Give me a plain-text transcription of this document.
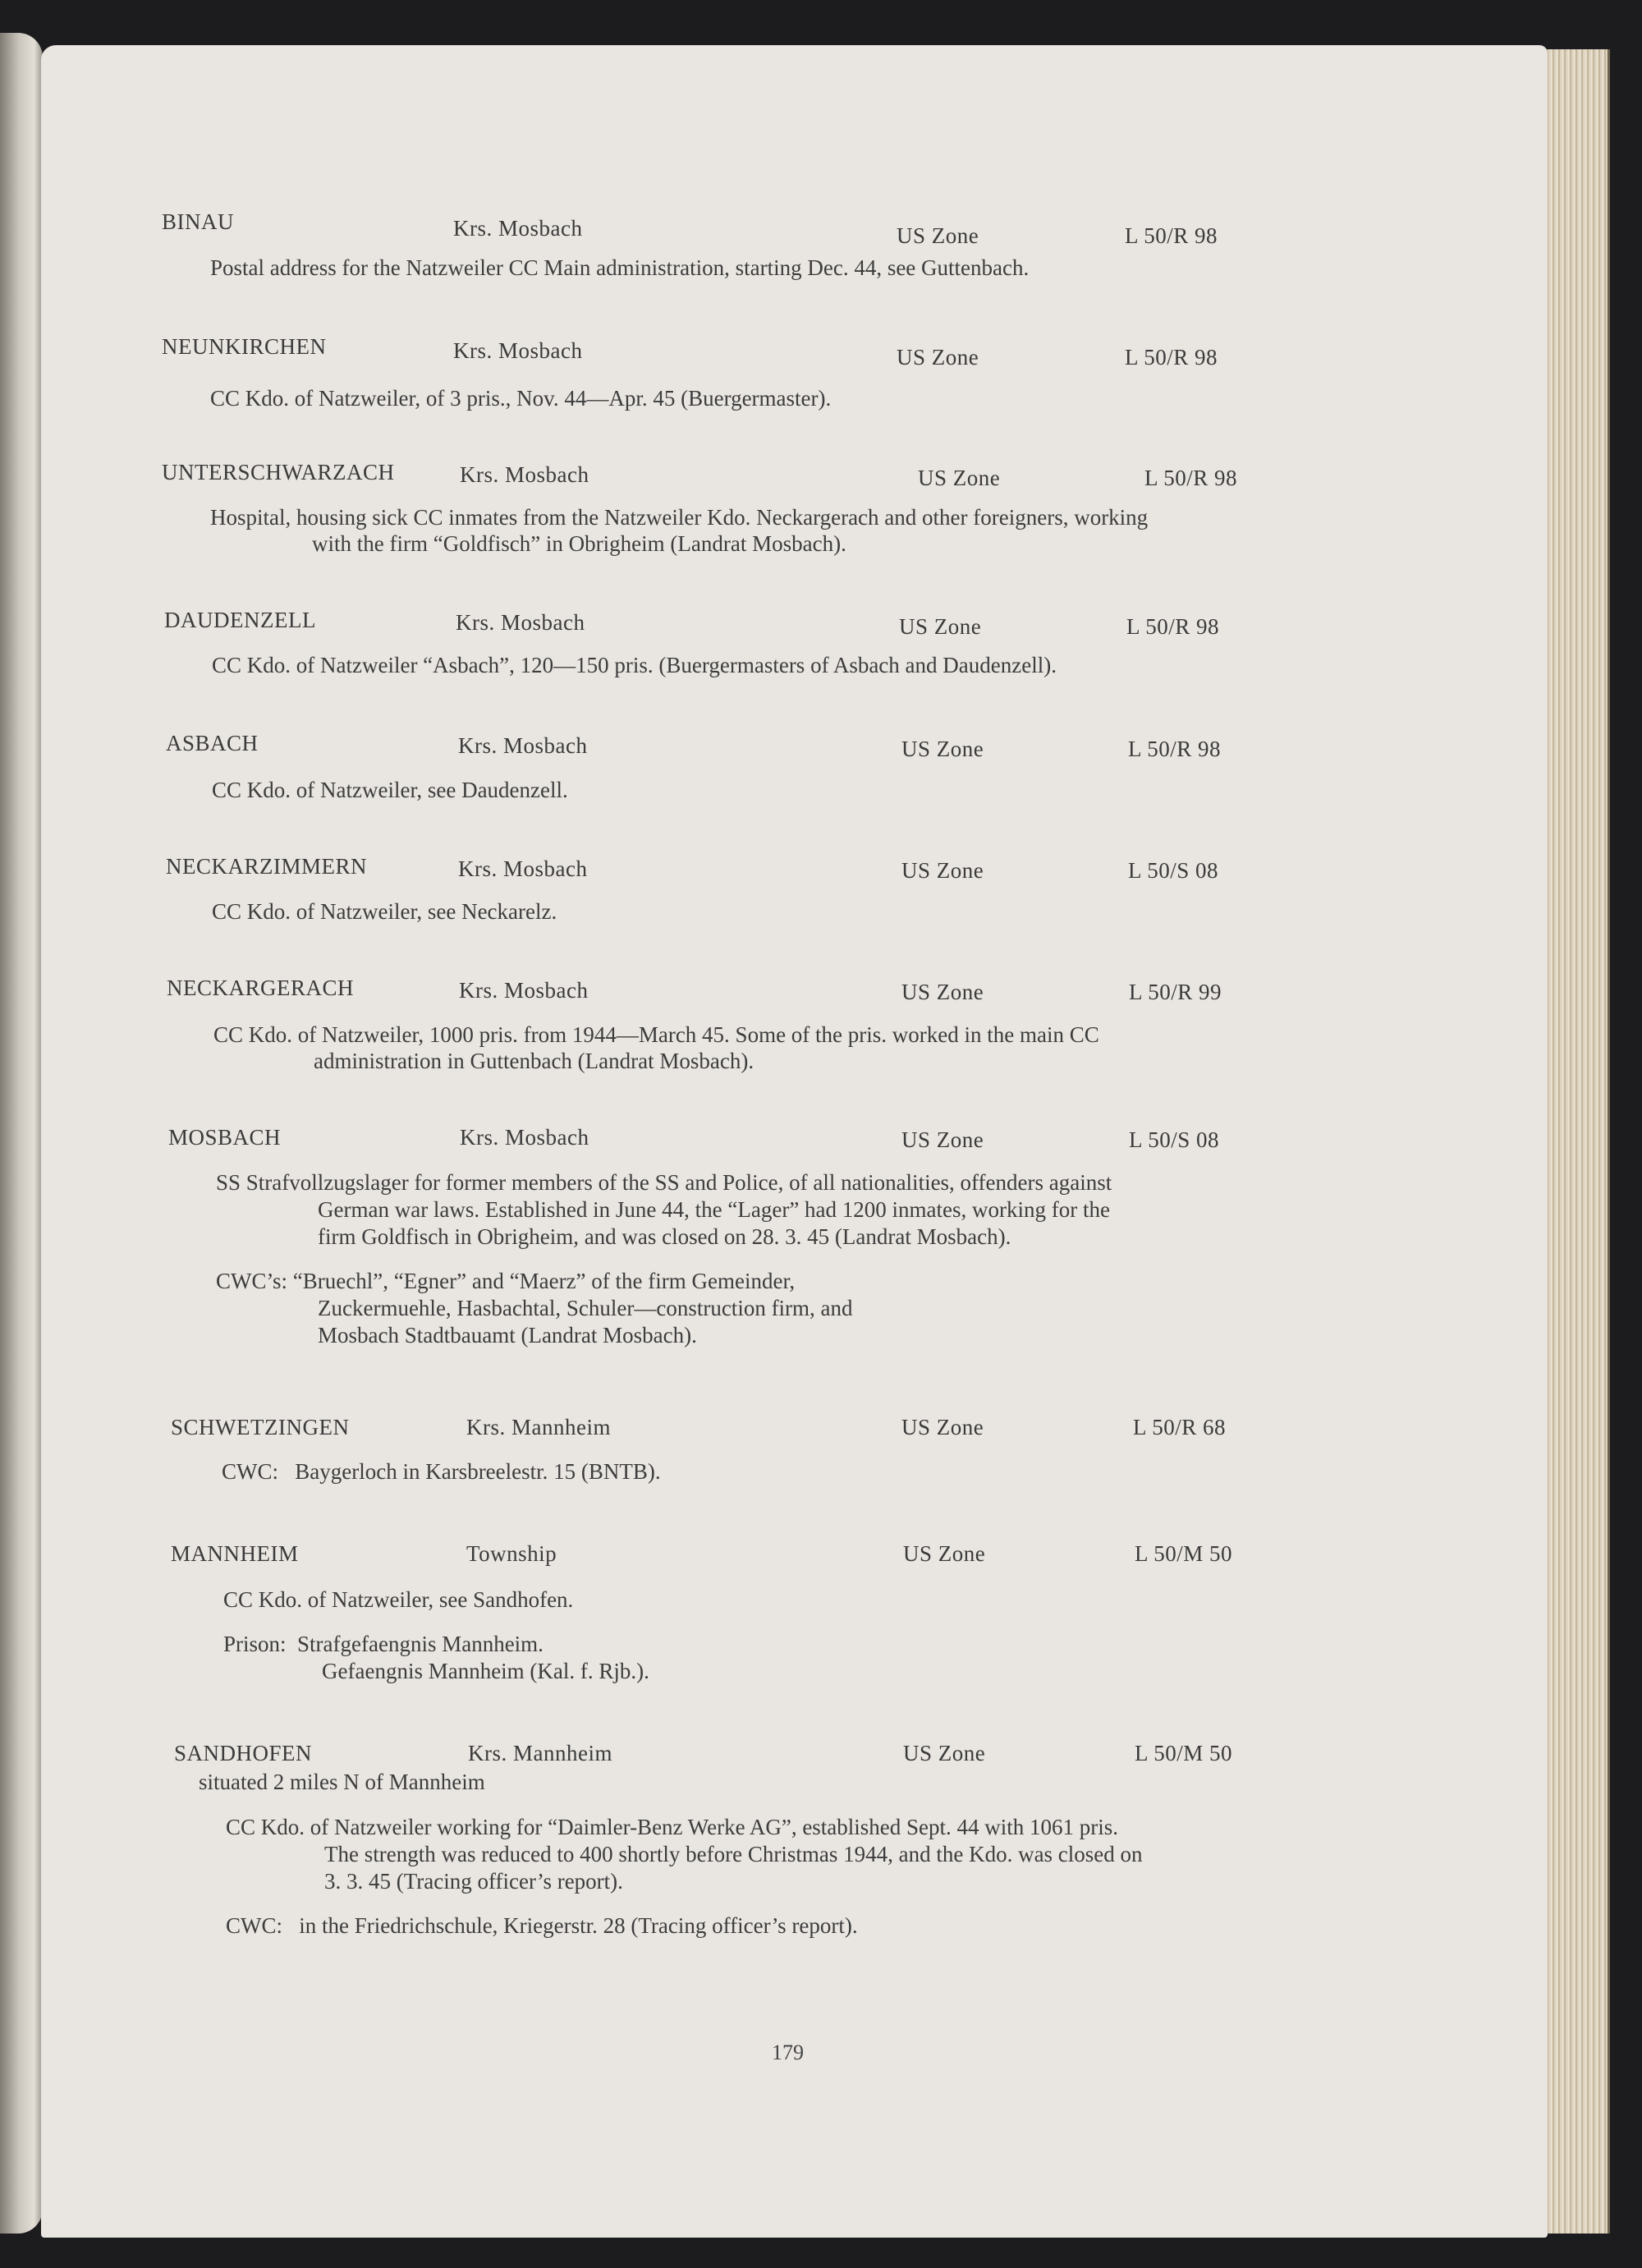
BINAU	Krs. Mosbach	US Zone	L 50/R 98
Postal address for the Natzweiler CC Main administration, starting Dec. 44, see Guttenbach.
NEUNKIRCHEN	Krs. Mosbach	US Zone	L 50/R 98
CC Kdo. of Natzweiler, of 3 pris., Nov. 44—Apr. 45 (Buergermaster).
UNTERSCHWARZACH	Krs. Mosbach	US Zone	L 50/R 98
Hospital, housing sick CC inmates from the Natzweiler Kdo. Neckargerach and other foreigners, working
with the firm “Goldfisch” in Obrigheim (Landrat Mosbach).
DAUDENZELL	Krs. Mosbach	US Zone	L 50/R 98
CC Kdo. of Natzweiler “Asbach”, 120—150 pris. (Buergermasters of Asbach and Daudenzell).
ASBACH	Krs. Mosbach	US Zone	L 50/R 98
CC Kdo. of Natzweiler, see Daudenzell.
NECKARZIMMERN	Krs. Mosbach	US Zone	L 50/S 08
CC Kdo. of Natzweiler, see Neckarelz.
NECKARGERACH	Krs. Mosbach	US Zone	L 50/R 99
CC Kdo. of Natzweiler, 1000 pris. from 1944—March 45. Some of the pris. worked in the main CC
administration in Guttenbach (Landrat Mosbach).
MOSBACH	Krs. Mosbach	US Zone	L 50/S 08
SS Strafvollzugslager for former members of the SS and Police, of all nationalities, offenders against
German war laws. Established in June 44, the “Lager” had 1200 inmates, working for the
firm Goldfisch in Obrigheim, and was closed on 28. 3. 45 (Landrat Mosbach).
CWC’s: “Bruechl”, “Egner” and “Maerz” of the firm Gemeinder,
Zuckermuehle, Hasbachtal, Schuler—construction firm, and
Mosbach Stadtbauamt (Landrat Mosbach).
SCHWETZINGEN	Krs. Mannheim	US Zone	L 50/R 68
CWC:   Baygerloch in Karsbreelestr. 15 (BNTB).
MANNHEIM	Township	US Zone	L 50/M 50
CC Kdo. of Natzweiler, see Sandhofen.
Prison:  Strafgefaengnis Mannheim.
Gefaengnis Mannheim (Kal. f. Rjb.).
SANDHOFEN	Krs. Mannheim	US Zone	L 50/M 50
situated 2 miles N of Mannheim
CC Kdo. of Natzweiler working for “Daimler-Benz Werke AG”, established Sept. 44 with 1061 pris.
The strength was reduced to 400 shortly before Christmas 1944, and the Kdo. was closed on
3. 3. 45 (Tracing officer’s report).
CWC:   in the Friedrichschule, Kriegerstr. 28 (Tracing officer’s report).
179
